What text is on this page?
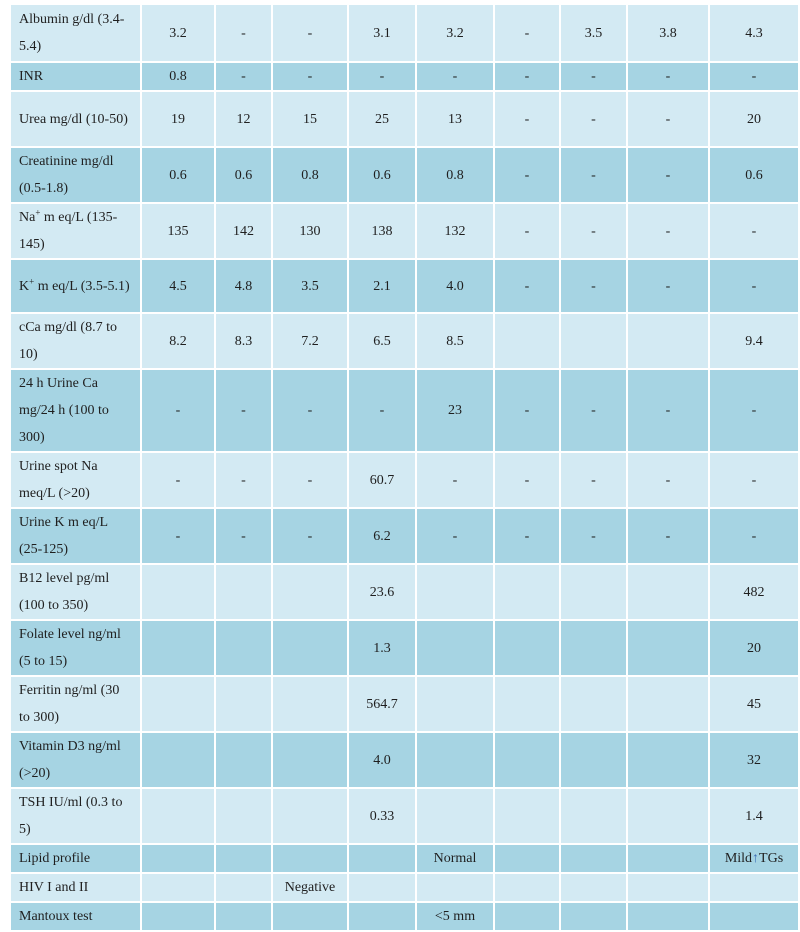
Albumin g/dl (3.4-5.4)	3.2	-	-	3.1	3.2	-	3.5	3.8	4.3
INR	0.8	-	-	-	-	-	-	-	-
Urea mg/dl (10-50)	19	12	15	25	13	-	-	-	20
Creatinine mg/dl (0.5-1.8)	0.6	0.6	0.8	0.6	0.8	-	-	-	0.6
Na+ m eq/L (135-145)	135	142	130	138	132	-	-	-	-
K+ m eq/L (3.5-5.1)	4.5	4.8	3.5	2.1	4.0	-	-	-	-
cCa mg/dl (8.7 to 10)	8.2	8.3	7.2	6.5	8.5				9.4
24 h Urine Ca mg/24 h (100 to 300)	-	-	-	-	23	-	-	-	-
Urine spot Na meq/L (>20)	-	-	-	60.7	-	-	-	-	-
Urine K m eq/L (25-125)	-	-	-	6.2	-	-	-	-	-
B12 level pg/ml (100 to 350)				23.6					482
Folate level ng/ml (5 to 15)				1.3					20
Ferritin ng/ml (30 to 300)				564.7					45
Vitamin D3 ng/ml (>20)				4.0					32
TSH IU/ml (0.3 to 5)				0.33					1.4
Lipid profile					Normal				Mild↑TGs
HIV I and II			Negative						
Mantoux test					<5 mm				
